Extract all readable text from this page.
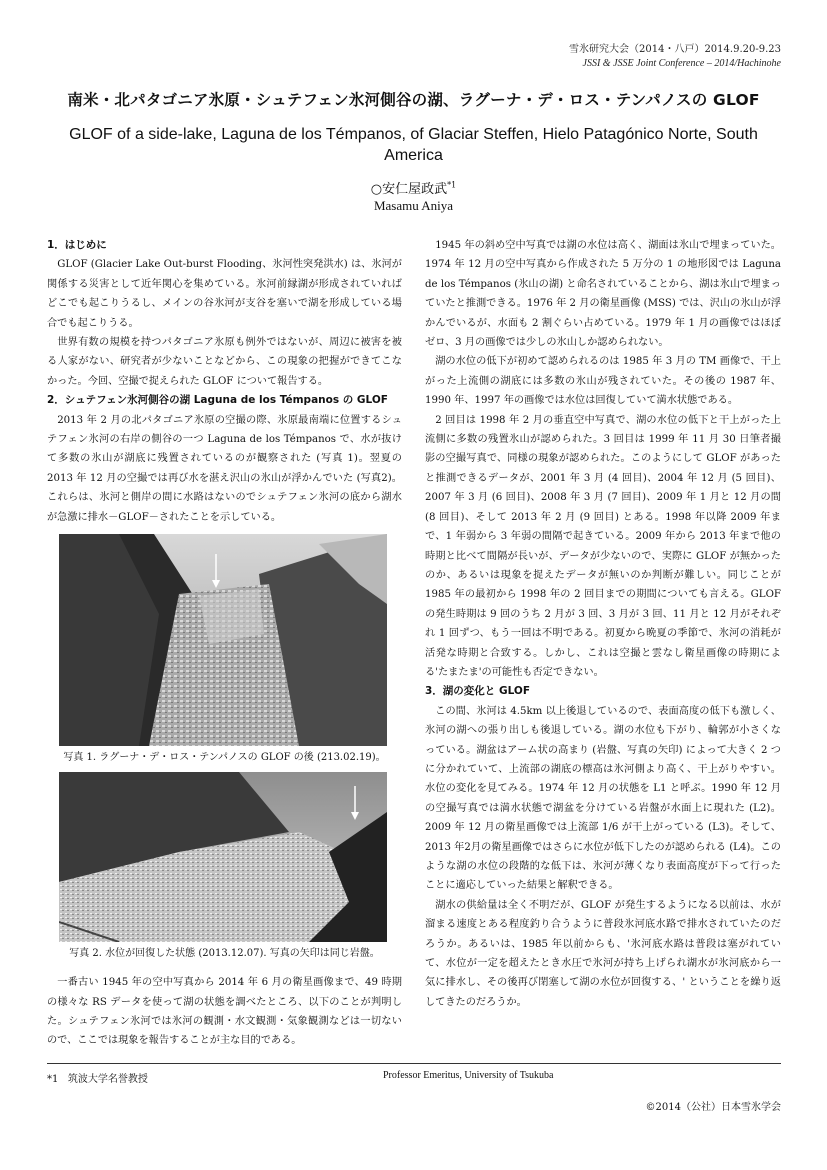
雪氷研究大会（2014・八戸）2014.9.20-9.23
JSSI & JSSE Joint Conference – 2014/Hachinohe
南米・北パタゴニア氷原・シュテフェン氷河側谷の湖、ラグーナ・デ・ロス・テンパノスの GLOF
GLOF of a side-lake, Laguna de los Témpanos, of Glaciar Steffen, Hielo Patagónico Norte, South America
○安仁屋政武$^{*1}$
Masamu Aniya
1．はじめに

GLOF (Glacier Lake Out-burst Flooding、氷河性突発洪水) は、氷河が関係する災害として近年関心を集めている。氷河前縁湖が形成されていればどこでも起こりうるし、メインの谷氷河が支谷を塞いで湖を形成している場合でも起こりうる。

世界有数の規模を持つパタゴニア氷原も例外ではないが、周辺に被害を被る人家がない、研究者が少ないことなどから、この現象の把握ができてこなかった。今回、空撮で捉えられた GLOF について報告する。

2．シュテフェン氷河側谷の湖 Laguna de los Témpanos の GLOF

2013 年 2 月の北パタゴニア氷原の空撮の際、氷原最南端に位置するシュテフェン氷河の右岸の側谷の一つ Laguna de los Témpanos で、水が抜けて多数の氷山が湖底に残置されているのが観察された (写真 1)。翌夏の 2013 年 12 月の空撮では再び水を湛え沢山の氷山が浮かんでいた (写真2)。これらは、氷河と側岸の間に水路はないのでシュテフェン氷河の底から湖水が急激に排水－GLOF－されたことを示している。

写真 1. ラグーナ・デ・ロス・テンパノスの GLOF の後 (213.02.19)。
写真 2. 水位が回復した状態 (2013.12.07). 写真の矢印は同じ岩盤。

一番古い 1945 年の空中写真から 2014 年 6 月の衛星画像まで、49 時期の様々な RS データを使って湖の状態を調べたところ、以下のことが判明した。シュテフェン氷河では氷河の観測・水文観測・気象観測などは一切ないので、ここでは現象を報告することが主な目的である。

1945 年の斜め空中写真では湖の水位は高く、湖面は氷山で埋まっていた。1974 年 12 月の空中写真から作成された 5 万分の 1 の地形図では Laguna de los Témpanos (氷山の湖) と命名されていることから、湖は氷山で埋まっていたと推測できる。1976 年 2 月の衛星画像 (MSS) では、沢山の氷山が浮かんでいるが、水面も 2 割ぐらい占めている。1979 年 1 月の画像ではほぼゼロ、3 月の画像では少しの氷山しか認められない。

湖の水位の低下が初めて認められるのは 1985 年 3 月の TM 画像で、干上がった上流側の湖底には多数の氷山が残されていた。その後の 1987 年、1990 年、1997 年の画像では水位は回復していて満水状態である。

2 回目は 1998 年 2 月の垂直空中写真で、湖の水位の低下と干上がった上流側に多数の残置氷山が認められた。3 回目は 1999 年 11 月 30 日筆者撮影の空撮写真で、同様の現象が認められた。このようにして GLOF があったと推測できるデータが、2001 年 3 月 (4 回目)、2004 年 12 月 (5 回目)、2007 年 3 月 (6 回目)、2008 年 3 月 (7 回目)、2009 年 1 月と 12 月の間 (8 回目)、そして 2013 年 2 月 (9 回目) とある。1998 年以降 2009 年まで、1 年弱から 3 年弱の間隔で起きている。2009 年から 2013 年まで他の時期と比べて間隔が長いが、データが少ないので、実際に GLOF が無かったのか、あるいは現象を捉えたデータが無いのか判断が難しい。同じことが 1985 年の最初から 1998 年の 2 回目までの期間についても言える。GLOF の発生時期は 9 回のうち 2 月が 3 回、3 月が 3 回、11 月と 12 月がそれぞれ 1 回ずつ、もう一回は不明である。初夏から晩夏の季節で、氷河の消耗が活発な時期と合致する。しかし、これは空撮と雲なし衛星画像の時期による'たまたま'の可能性も否定できない。

3．湖の変化と GLOF

この間、氷河は 4.5km 以上後退しているので、表面高度の低下も激しく、氷河の湖への張り出しも後退している。湖の水位も下がり、輪郭が小さくなっている。湖盆はアーム状の高まり (岩盤、写真の矢印) によって大きく 2 つに分かれていて、上流部の湖底の標高は氷河側より高く、干上がりやすい。水位の変化を見てみる。1974 年 12 月の状態を L1 と呼ぶ。1990 年 12 月の空撮写真では満水状態で湖盆を分けている岩盤が水面上に現れた (L2)。2009 年 12 月の衛星画像では上流部 1/6 が干上がっている (L3)。そして、2013 年2月の衛星画像ではさらに水位が低下したのが認められる (L4)。このような湖の水位の段階的な低下は、氷河が薄くなり表面高度が下って行ったことに適応していった結果と解釈できる。

湖水の供給量は全く不明だが、GLOF が発生するようになる以前は、水が溜まる速度とある程度釣り合うように普段氷河底水路で排水されていたのだろうか。あるいは、1985 年以前からも、'氷河底水路は普段は塞がれていて、水位が一定を超えたとき水圧で氷河が持ち上げられ湖水が氷河底から一気に排水し、その後再び閉塞して湖の水位が回復する、' ということを繰り返してきたのだろうか。

*1 筑波大学名誉教授	Professor Emeritus, University of Tsukuba
©2014（公社）日本雪氷学会
